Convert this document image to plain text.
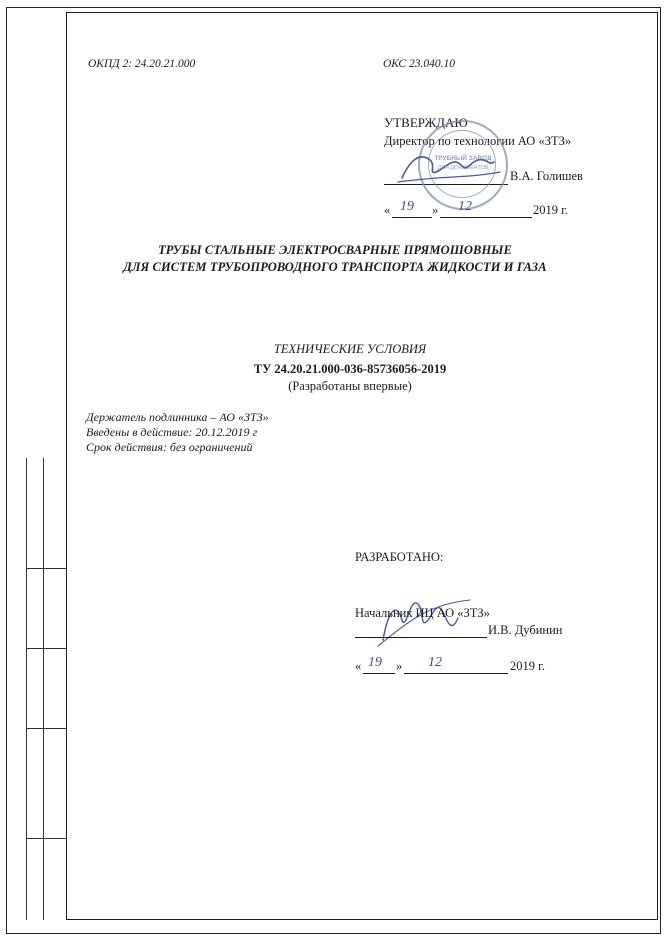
ОКПД 2: 24.20.21.000	ОКС 23.040.10
УТВЕРЖДАЮ
Директор по технологии АО «ЗТЗ»
В.А. Голишев
ТРУБНЫЙ ЗАВОД
ДЛЯ ДОКУМЕНТОВ
« 19 » 12	2019 г.
ТРУБЫ СТАЛЬНЫЕ ЭЛЕКТРОСВАРНЫЕ ПРЯМОШОВНЫЕ
ДЛЯ СИСТЕМ ТРУБОПРОВОДНОГО ТРАНСПОРТА ЖИДКОСТИ И ГАЗА
ТЕХНИЧЕСКИЕ УСЛОВИЯ
ТУ 24.20.21.000-036-85736056-2019
(Разработаны впервые)
Держатель подлинника – АО «ЗТЗ»
Введены в действие: 20.12.2019 г
Срок действия: без ограничений
РАЗРАБОТАНО:
Начальник ИЦ АО «ЗТЗ»
И.В. Дубинин
« 19 » 12	2019 г.
